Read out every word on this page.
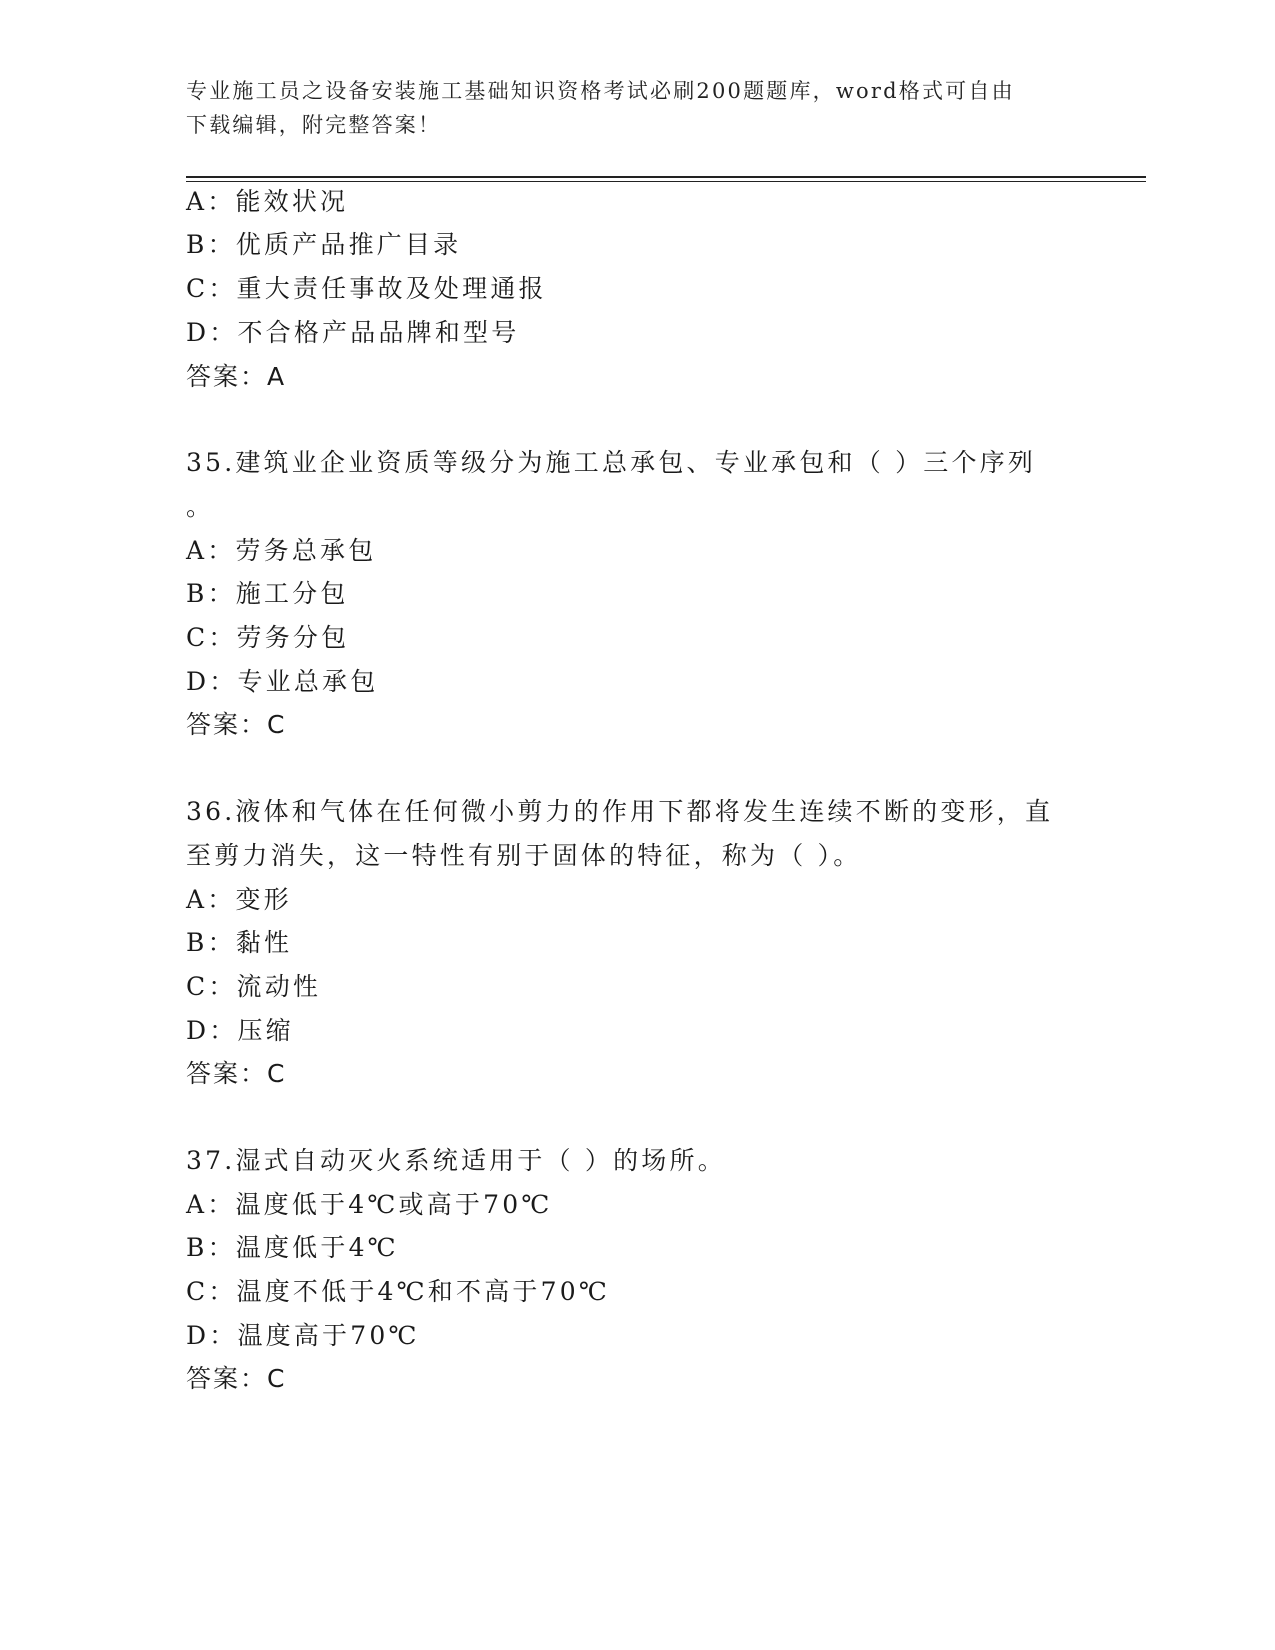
专业施工员之设备安装施工基础知识资格考试必刷200题题库，word格式可自由
下载编辑，附完整答案！
A：能效状况
B：优质产品推广目录
C：重大责任事故及处理通报
D：不合格产品品牌和型号
答案：A
35.建筑业企业资质等级分为施工总承包、专业承包和（ ）三个序列
。
A：劳务总承包
B：施工分包
C：劳务分包
D：专业总承包
答案：C
36.液体和气体在任何微小剪力的作用下都将发生连续不断的变形，直
至剪力消失，这一特性有别于固体的特征，称为（ ）。
A：变形
B：黏性
C：流动性
D：压缩
答案：C
37.湿式自动灭火系统适用于（ ）的场所。
A：温度低于4℃或高于70℃
B：温度低于4℃
C：温度不低于4℃和不高于70℃
D：温度高于70℃
答案：C
